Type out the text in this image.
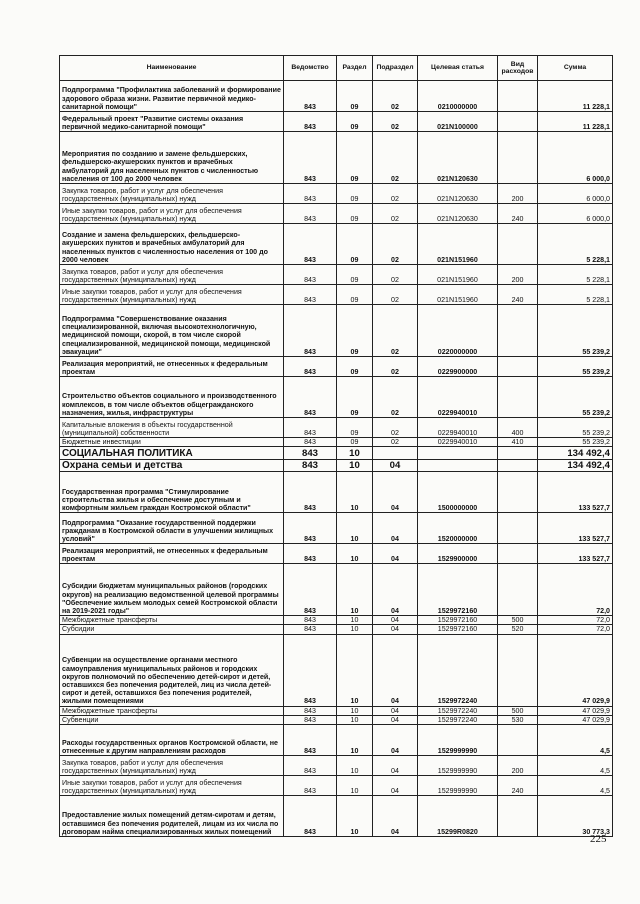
Наименование	Ведомство	Раздел	Подраздел	Целевая статья	Вид расходов	Сумма
Подпрограмма "Профилактика заболеваний и формирование здорового образа жизни. Развитие первичной медико-санитарной помощи"	843	09	02	0210000000		11 228,1
Федеральный проект "Развитие системы оказания первичной медико-санитарной помощи"	843	09	02	021N100000		11 228,1
Мероприятия по созданию и замене фельдшерских, фельдшерско-акушерских пунктов и врачебных амбулаторий для населенных пунктов с численностью населения от 100 до 2000 человек	843	09	02	021N120630		6 000,0
Закупка товаров, работ и услуг для обеспечения государственных (муниципальных) нужд	843	09	02	021N120630	200	6 000,0
Иные закупки товаров, работ и услуг для обеспечения государственных (муниципальных) нужд	843	09	02	021N120630	240	6 000,0
Создание и замена фельдшерских, фельдшерско-акушерских пунктов и врачебных амбулаторий для населенных пунктов с численностью населения от 100 до 2000 человек	843	09	02	021N151960		5 228,1
Закупка товаров, работ и услуг для обеспечения государственных (муниципальных) нужд	843	09	02	021N151960	200	5 228,1
Иные закупки товаров, работ и услуг для обеспечения государственных (муниципальных) нужд	843	09	02	021N151960	240	5 228,1
Подпрограмма "Совершенствование оказания специализированной, включая высокотехнологичную, медицинской помощи, скорой, в том числе скорой специализированной, медицинской помощи, медицинской эвакуации"	843	09	02	0220000000		55 239,2
Реализация мероприятий, не отнесенных к федеральным проектам	843	09	02	0229900000		55 239,2
Строительство объектов социального и производственного комплексов, в том числе объектов общегражданского назначения, жилья, инфраструктуры	843	09	02	0229940010		55 239,2
Капитальные вложения в объекты государственной (муниципальной) собственности	843	09	02	0229940010	400	55 239,2
Бюджетные инвестиции	843	09	02	0229940010	410	55 239,2
СОЦИАЛЬНАЯ ПОЛИТИКА	843	10				134 492,4
Охрана семьи и детства	843	10	04			134 492,4
Государственная программа "Стимулирование строительства жилья и обеспечение доступным и комфортным жильем граждан Костромской области"	843	10	04	1500000000		133 527,7
Подпрограмма "Оказание государственной поддержки гражданам в Костромской области в улучшении жилищных условий"	843	10	04	1520000000		133 527,7
Реализация мероприятий, не отнесенных к федеральным проектам	843	10	04	1529900000		133 527,7
Субсидии бюджетам муниципальных районов (городских округов) на реализацию ведомственной целевой программы "Обеспечение жильем молодых семей Костромской области на 2019-2021 годы"	843	10	04	1529972160		72,0
Межбюджетные трансферты	843	10	04	1529972160	500	72,0
Субсидии	843	10	04	1529972160	520	72,0
Субвенции на осуществление органами местного самоуправления муниципальных районов и городских округов полномочий по обеспечению детей-сирот и детей, оставшихся без попечения родителей, лиц из числа детей-сирот и детей, оставшихся без попечения родителей, жилыми помещениями	843	10	04	1529972240		47 029,9
Межбюджетные трансферты	843	10	04	1529972240	500	47 029,9
Субвенции	843	10	04	1529972240	530	47 029,9
Расходы государственных органов Костромской области, не отнесенные к другим направлениям расходов	843	10	04	1529999990		4,5
Закупка товаров, работ и услуг для обеспечения государственных (муниципальных) нужд	843	10	04	1529999990	200	4,5
Иные закупки товаров, работ и услуг для обеспечения государственных (муниципальных) нужд	843	10	04	1529999990	240	4,5
Предоставление жилых помещений детям-сиротам и детям, оставшимся без попечения родителей, лицам из их числа по договорам найма специализированных жилых помещений	843	10	04	15299R0820		30 773,3
225
